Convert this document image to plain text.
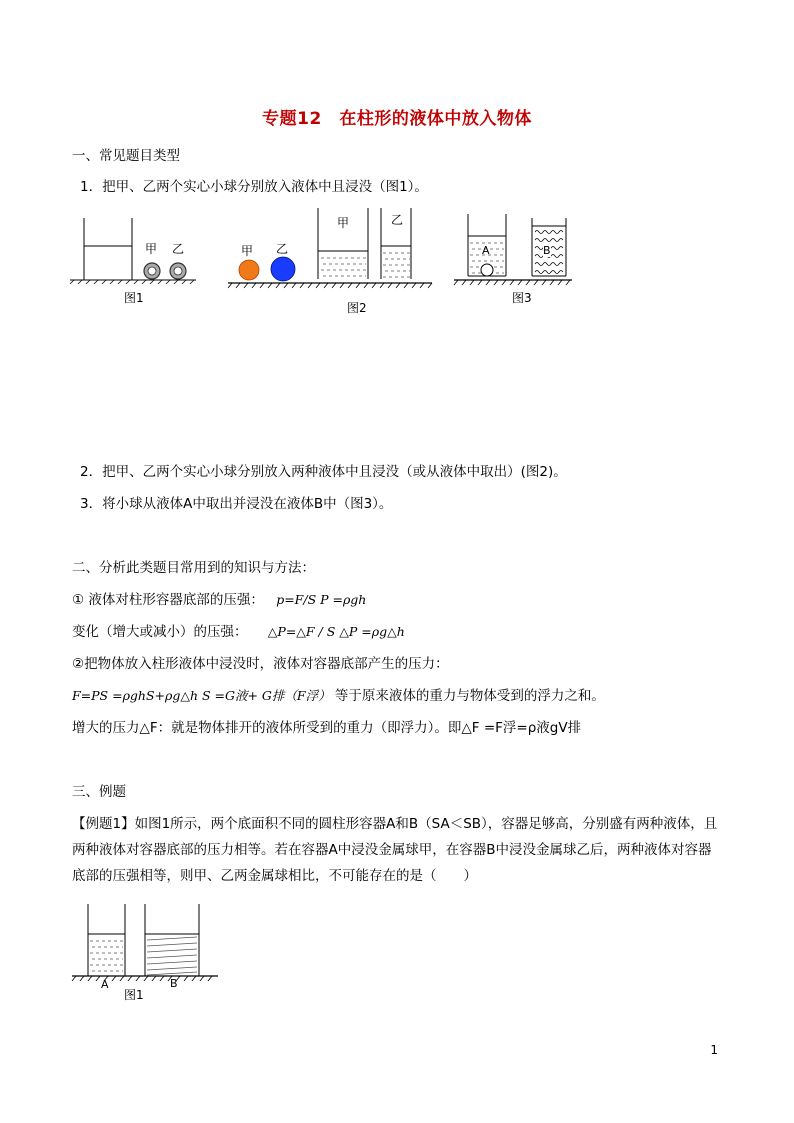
专题12　在柱形的液体中放入物体
一、常见题目类型
1．把甲、乙两个实心小球分别放入液体中且浸没（图1）。
甲 乙
图1
甲 乙
甲	乙
图2
A	B
图3
2．把甲、乙两个实心小球分别放入两种液体中且浸没（或从液体中取出）(图2)。
3．将小球从液体A中取出并浸没在液体B中（图3）。
二、分析此类题目常用到的知识与方法：
① 液体对柱形容器底部的压强： p=F/S P =ρgh
变化（增大或减小）的压强： △P=△F / S △P =ρg△h
②把物体放入柱形液体中浸没时，液体对容器底部产生的压力：
F=PS =ρghS+ρg△h S =G液+ G排（F浮） 等于原来液体的重力与物体受到的浮力之和。
增大的压力△F：就是物体排开的液体所受到的重力（即浮力）。即△F =F浮=ρ液gV排
三、例题
【例题1】如图1所示，两个底面积不同的圆柱形容器A和B（SA＜SB），容器足够高，分别盛有两种液体，且两种液体对容器底部的压力相等。若在容器A中浸没金属球甲，在容器B中浸没金属球乙后，两种液体对容器底部的压强相等，则甲、乙两金属球相比，不可能存在的是（　　）
A	B
图1
1
